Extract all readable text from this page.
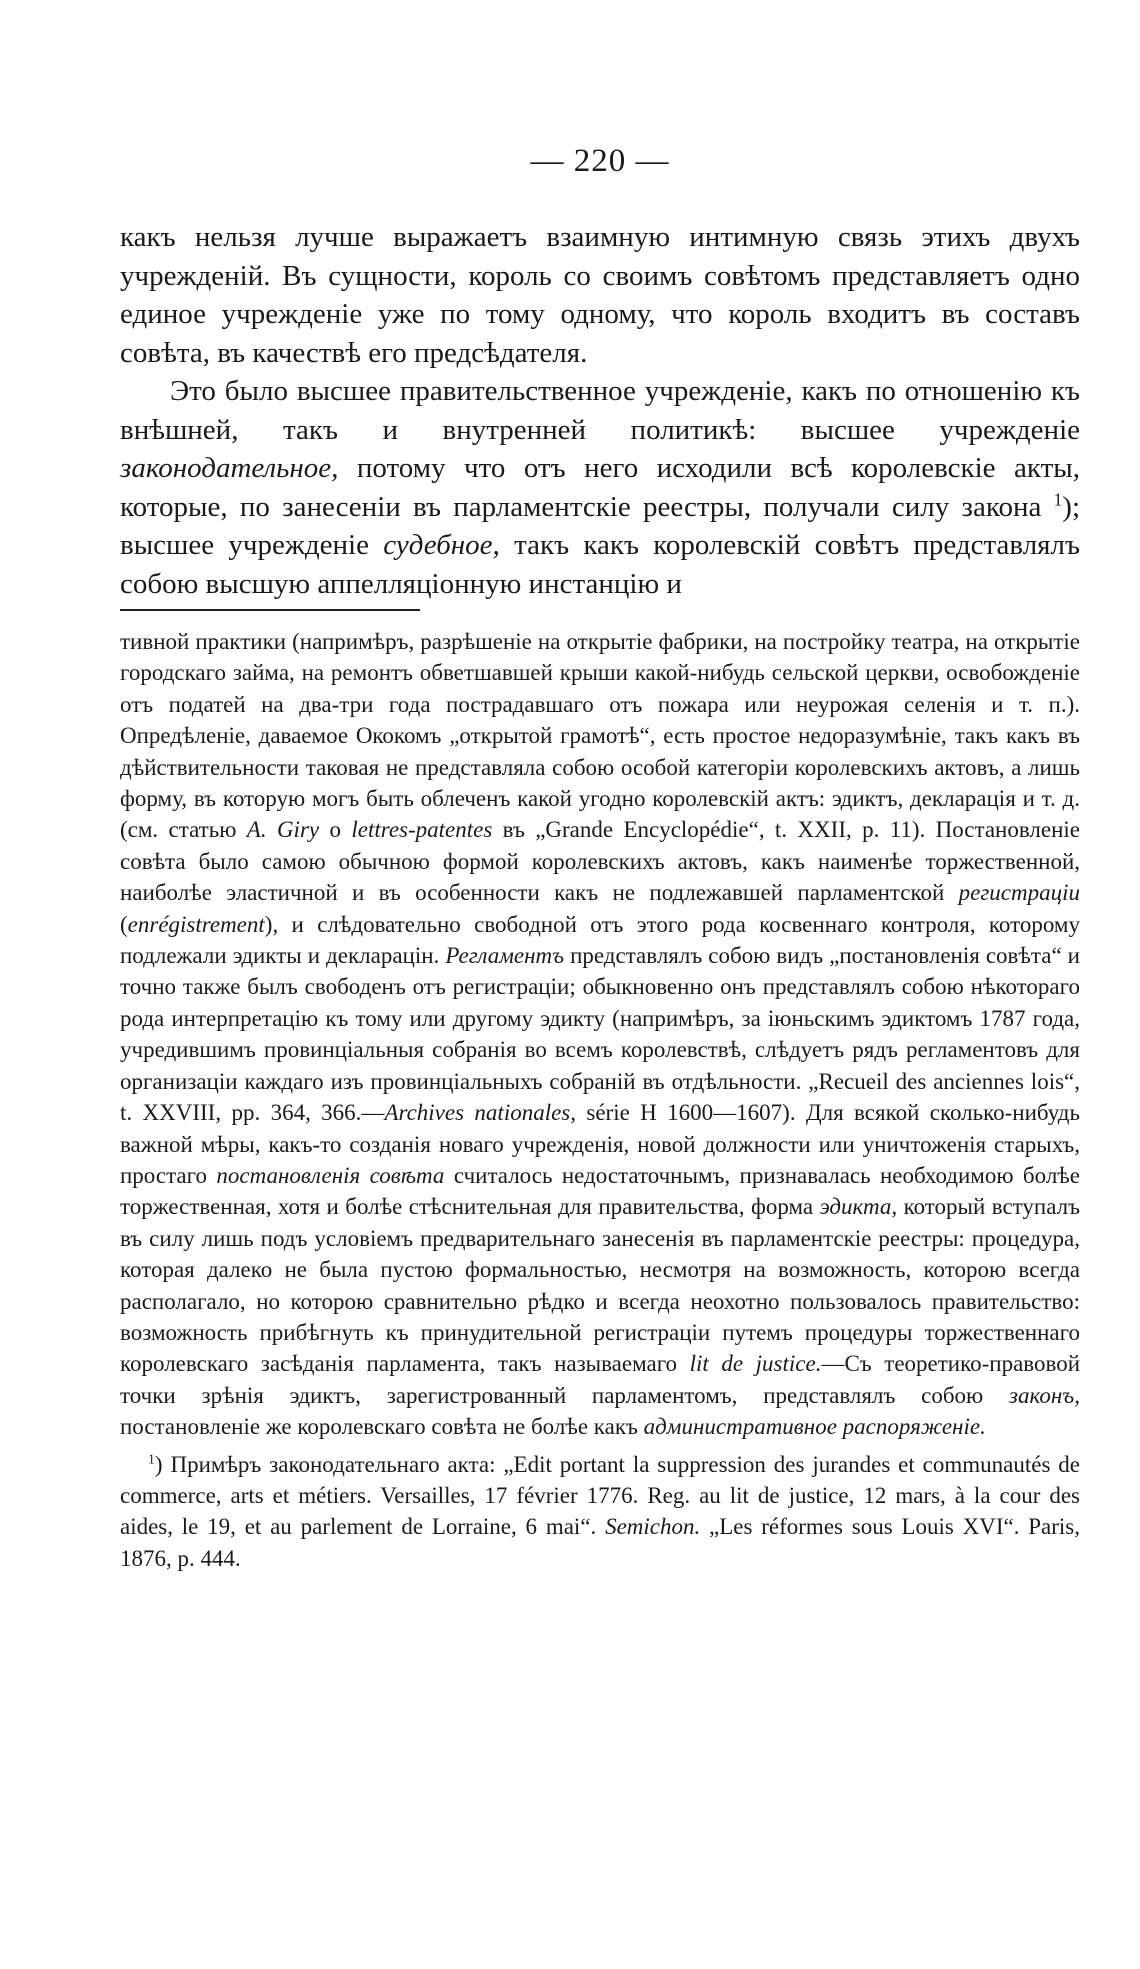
— 220 —

какъ нельзя лучше выражаетъ взаимную интимную связь этихъ двухъ учрежденій. Въ сущности, король со своимъ совѣтомъ представляетъ одно единое учрежденіе уже по тому одному, что король входитъ въ составъ совѣта, въ качествѣ его предсѣдателя.

Это было высшее правительственное учрежденіе, какъ по отношенію къ внѣшней, такъ и внутренней политикѣ: высшее учрежденіе законодательное, потому что отъ него исходили всѣ королевскіе акты, которые, по занесеніи въ парламентскіе реестры, получали силу закона $^1$); высшее учрежденіе судебное, такъ какъ королевскій совѣтъ представлялъ собою высшую аппелляціонную инстанцію и

тивной практики (напримѣръ, разрѣшеніе на открытіе фабрики, на постройку театра, на открытіе городскаго займа, на ремонтъ обветшавшей крыши какой-нибудь сельской церкви, освобожденіе отъ податей на два-три года пострадавшаго отъ пожара или неурожая селенія и т. п.). Опредѣленіе, даваемое Ококомъ „открытой грамотѣ“, есть простое недоразумѣніе, такъ какъ въ дѣйствительности таковая не представляла собою особой категоріи королевскихъ актовъ, а лишь форму, въ которую могъ быть облеченъ какой угодно королевскій актъ: эдиктъ, декларація и т. д. (см. статью A. Giry о lettres-patentes въ „Grande Encyclopédie“, t. XXII, p. 11). Постановленіе совѣта было самою обычною формой королевскихъ актовъ, какъ наименѣе торжественной, наиболѣе эластичной и въ особенности какъ не подлежавшей парламентской регистраціи (enrégistrement), и слѣдовательно свободной отъ этого рода косвеннаго контроля, которому подлежали эдикты и декларацін. Регламентъ представлялъ собою видъ „постановленія совѣта“ и точно также былъ свободенъ отъ регистраціи; обыкновенно онъ представлялъ собою нѣкотораго рода интерпретацію къ тому или другому эдикту (напримѣръ, за іюньскимъ эдиктомъ 1787 года, учредившимъ провинціальныя собранія во всемъ королевствѣ, слѣдуетъ рядъ регламентовъ для организаціи каждаго изъ провинціальныхъ собраній въ отдѣльности. „Recueil des anciennes lois“, t. XXVIII, pp. 364, 366.—Archives nationales, série H 1600—1607). Для всякой сколько-нибудь важной мѣры, какъ-то созданія новаго учрежденія, новой должности или уничтоженія старыхъ, простаго постановленія совѣта считалось недостаточнымъ, признавалась необходимою болѣе торжественная, хотя и болѣе стѣснительная для правительства, форма эдикта, который вступалъ въ силу лишь подъ условіемъ предварительнаго занесенія въ парламентскіе реестры: процедура, которая далеко не была пустою формальностью, несмотря на возможность, которою всегда располагало, но которою сравнительно рѣдко и всегда неохотно пользовалось правительство: возможность прибѣгнуть къ принудительной регистраціи путемъ процедуры торжественнаго королевскаго засѣданія парламента, такъ называемаго lit de justice.—Съ теоретико-правовой точки зрѣнія эдиктъ, зарегистрованный парламентомъ, представлялъ собою законъ, постановленіе же королевскаго совѣта не болѣе какъ административное распоряженіе.

$^1$) Примѣръ законодательнаго акта: „Edit portant la suppression des jurandes et communautés de commerce, arts et métiers. Versailles, 17 février 1776. Reg. au lit de justice, 12 mars, à la cour des aides, le 19, et au parlement de Lorraine, 6 mai“. Semichon. „Les réformes sous Louis XVI“. Paris, 1876, p. 444.
